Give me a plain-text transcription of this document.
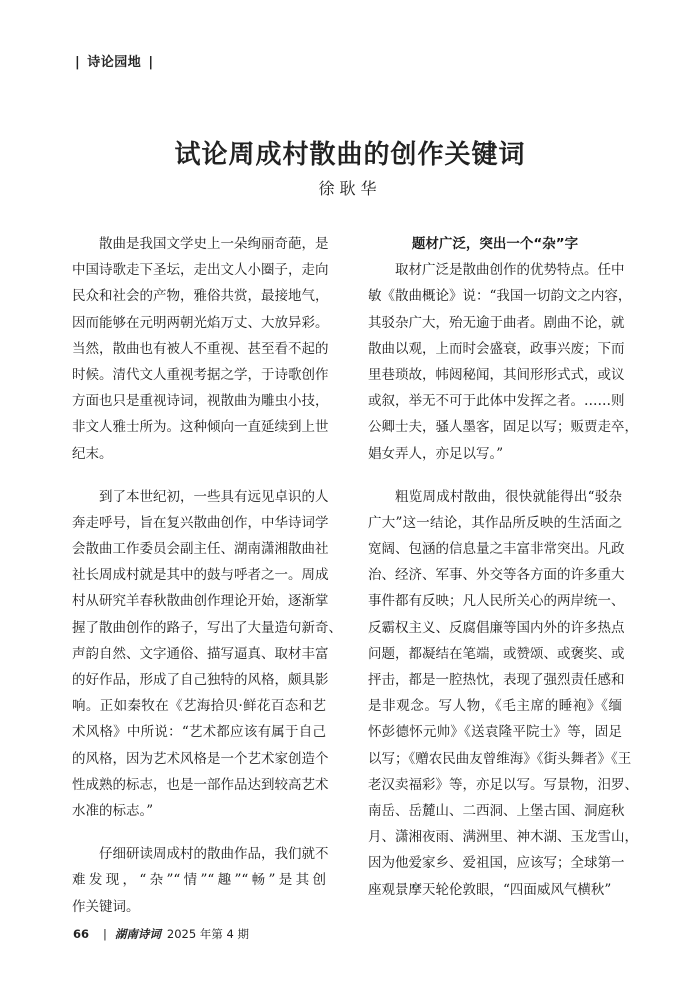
| 诗论园地 |
试论周成村散曲的创作关键词
徐耿华
散曲是我国文学史上一朵绚丽奇葩，是
中国诗歌走下圣坛，走出文人小圈子，走向
民众和社会的产物，雅俗共赏，最接地气，
因而能够在元明两朝光焰万丈、大放异彩。
当然，散曲也有被人不重视、甚至看不起的
时候。清代文人重视考据之学，于诗歌创作
方面也只是重视诗词，视散曲为雕虫小技，
非文人雅士所为。这种倾向一直延续到上世
纪末。
到了本世纪初，一些具有远见卓识的人
奔走呼号，旨在复兴散曲创作，中华诗词学
会散曲工作委员会副主任、湖南潇湘散曲社
社长周成村就是其中的鼓与呼者之一。周成
村从研究羊春秋散曲创作理论开始，逐渐掌
握了散曲创作的路子，写出了大量造句新奇、
声韵自然、文字通俗、描写逼真、取材丰富
的好作品，形成了自己独特的风格，颇具影
响。正如秦牧在《艺海拾贝·鲜花百态和艺
术风格》中所说：“艺术都应该有属于自己
的风格，因为艺术风格是一个艺术家创造个
性成熟的标志，也是一部作品达到较高艺术
水准的标志。”
仔细研读周成村的散曲作品，我们就不
难发现，“杂”“情”“趣”“畅”是其创
作关键词。
题材广泛，突出一个“杂”字
取材广泛是散曲创作的优势特点。任中
敏《散曲概论》说：“我国一切韵文之内容，
其驳杂广大，殆无逾于曲者。剧曲不论，就
散曲以观，上而时会盛衰，政事兴废；下而
里巷琐故，帏闼秘闻，其间形形式式，或议
或叙，举无不可于此体中发挥之者。……则
公卿士夫，骚人墨客，固足以写；贩贾走卒，
娼女弄人，亦足以写。”
粗览周成村散曲，很快就能得出“驳杂
广大”这一结论，其作品所反映的生活面之
宽阔、包涵的信息量之丰富非常突出。凡政
治、经济、军事、外交等各方面的许多重大
事件都有反映；凡人民所关心的两岸统一、
反霸权主义、反腐倡廉等国内外的许多热点
问题，都凝结在笔端，或赞颂、或褒奖、或
抨击，都是一腔热忱，表现了强烈责任感和
是非观念。写人物，《毛主席的睡袍》《缅
怀彭德怀元帅》《送袁隆平院士》等，固足
以写；《赠农民曲友曾维海》《街头舞者》《王
老汉卖福彩》等，亦足以写。写景物，汨罗、
南岳、岳麓山、二西洞、上堡古国、洞庭秋
月、潇湘夜雨、满洲里、神木湖、玉龙雪山，
因为他爱家乡、爱祖国，应该写；全球第一
座观景摩天轮伦敦眼，“四面威风气横秋”
66 | 湖南诗词 2025 年第 4 期
